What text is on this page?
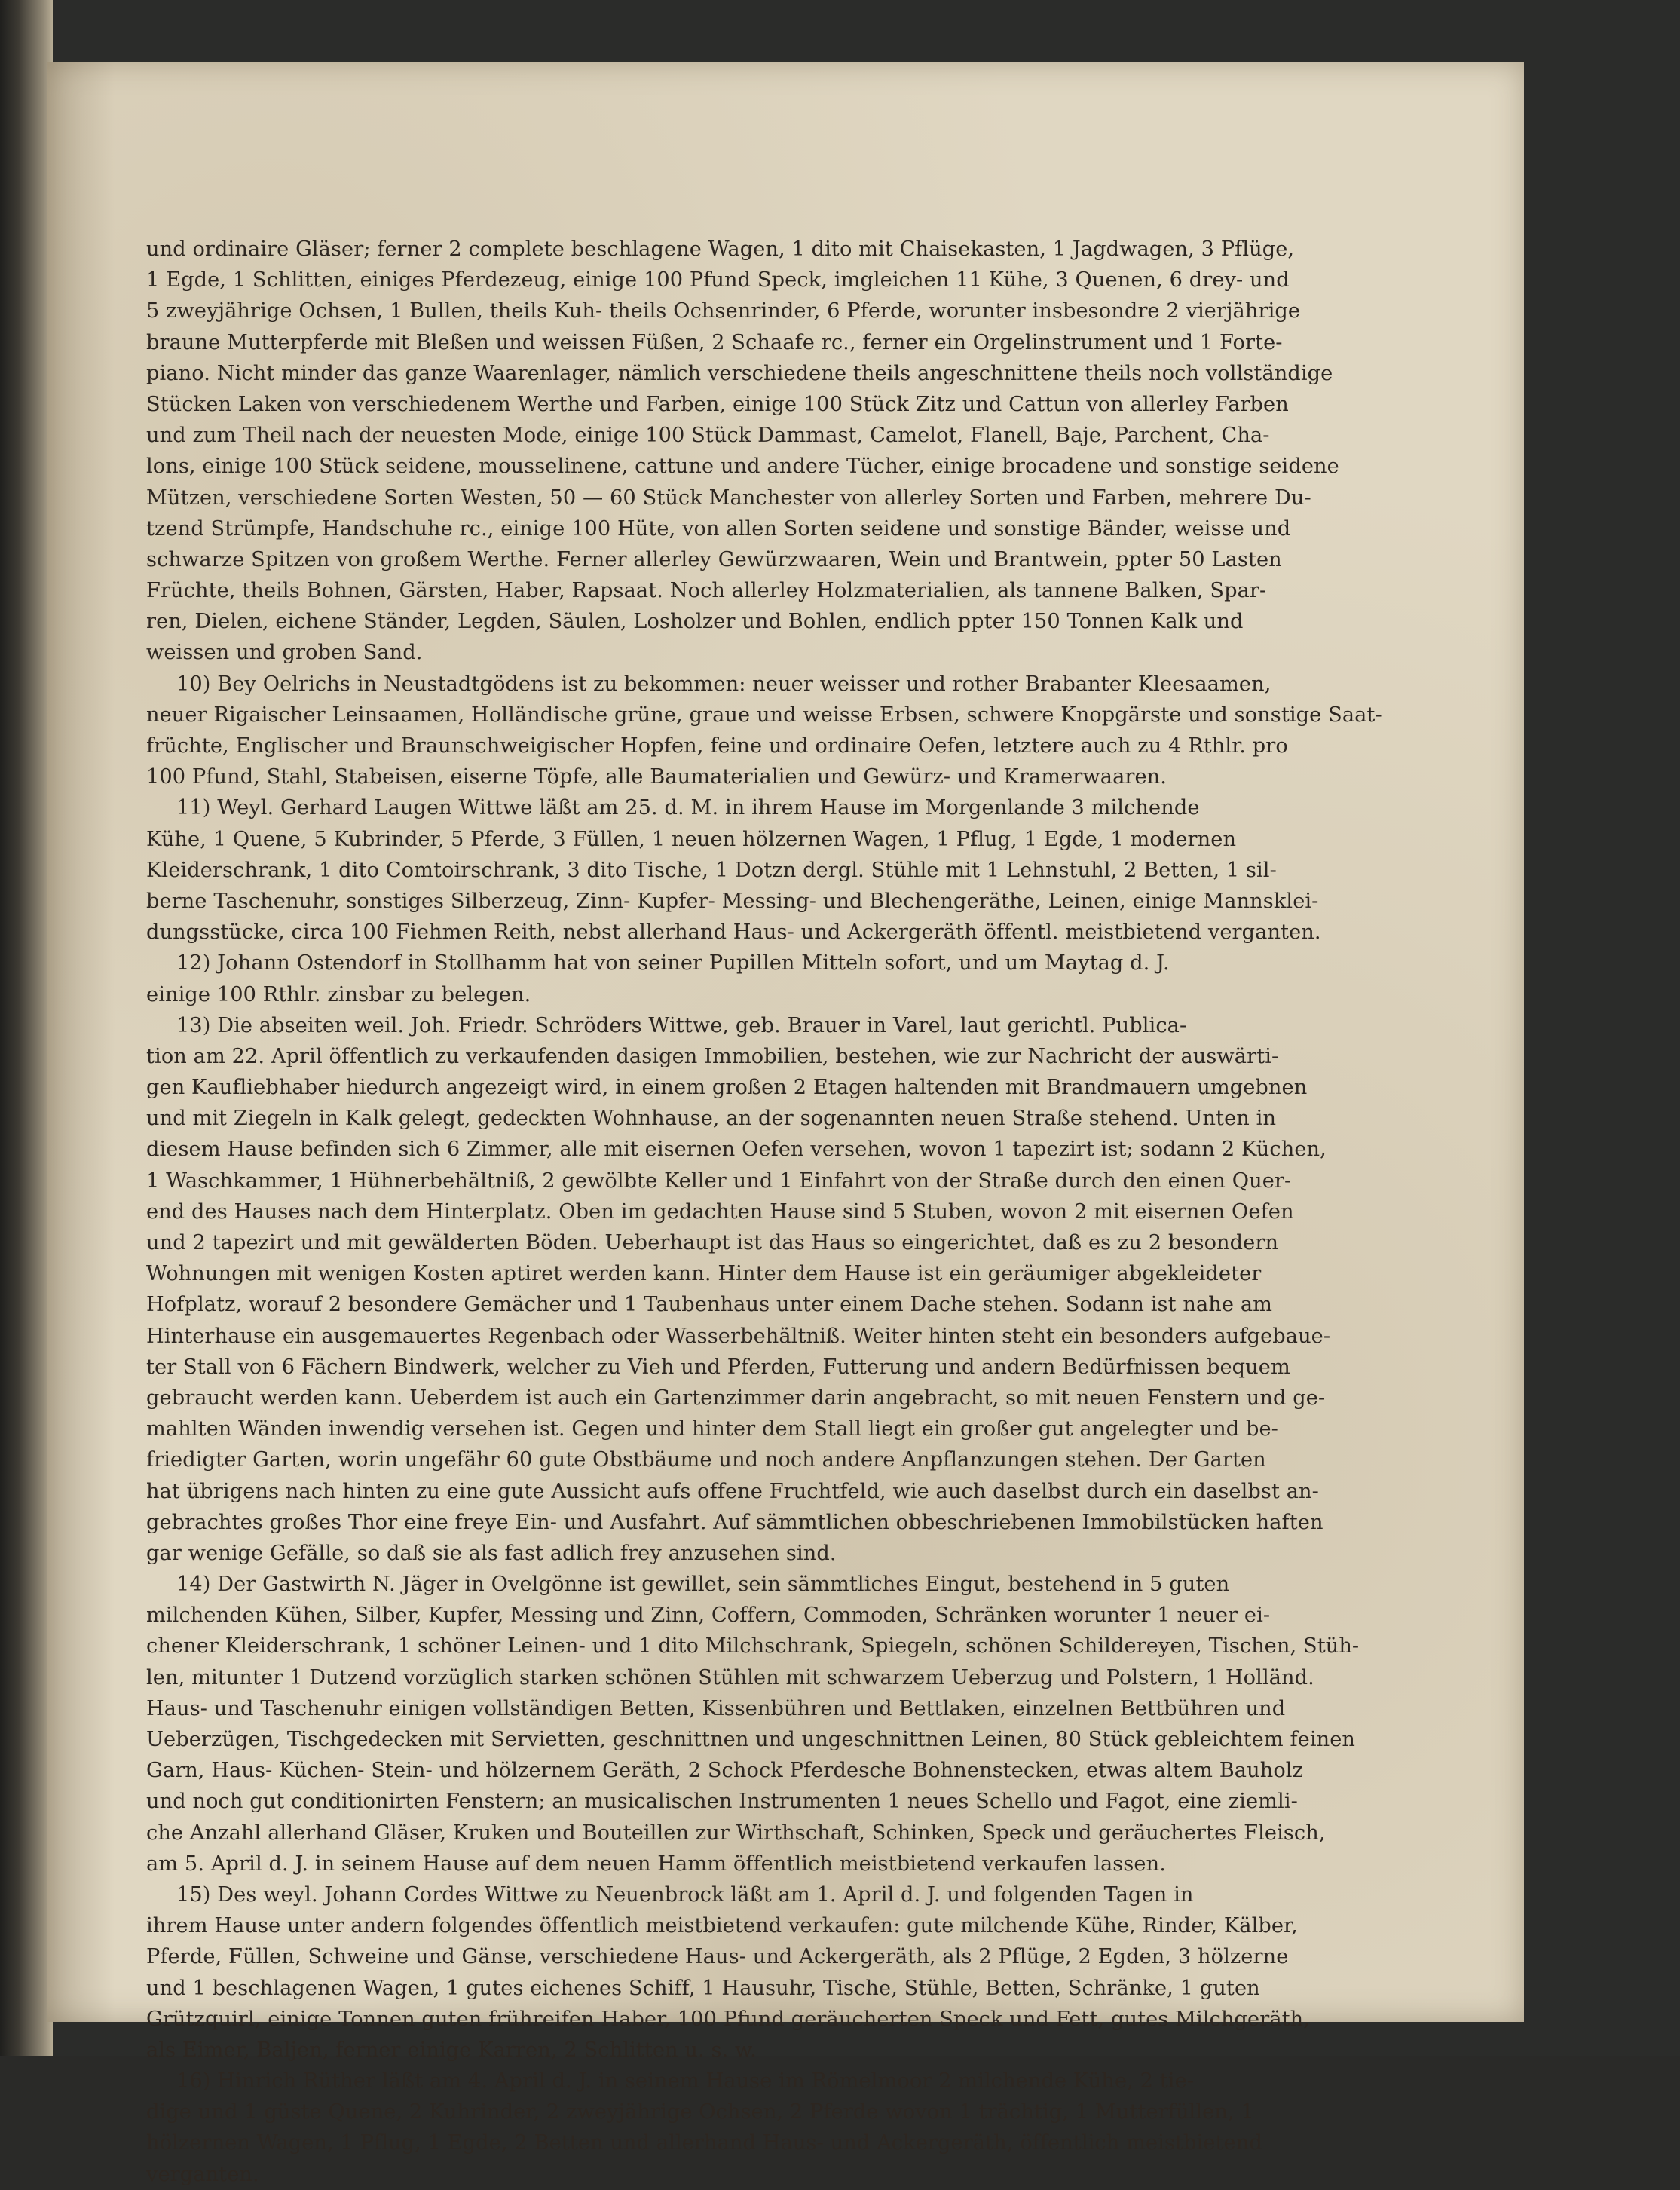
und ordinaire Gläser; ferner 2 complete beschlagene Wagen, 1 dito mit Chaisekasten, 1 Jagdwagen, 3 Pflüge,
1 Egde, 1 Schlitten, einiges Pferdezeug, einige 100 Pfund Speck, imgleichen 11 Kühe, 3 Quenen, 6 drey- und
5 zweyjährige Ochsen, 1 Bullen, theils Kuh- theils Ochsenrinder, 6 Pferde, worunter insbesondre 2 vierjährige
braune Mutterpferde mit Bleßen und weissen Füßen, 2 Schaafe rc., ferner ein Orgelinstrument und 1 Forte-
piano. Nicht minder das ganze Waarenlager, nämlich verschiedene theils angeschnittene theils noch vollständige
Stücken Laken von verschiedenem Werthe und Farben, einige 100 Stück Zitz und Cattun von allerley Farben
und zum Theil nach der neuesten Mode, einige 100 Stück Dammast, Camelot, Flanell, Baje, Parchent, Cha-
lons, einige 100 Stück seidene, mousselinene, cattune und andere Tücher, einige brocadene und sonstige seidene
Mützen, verschiedene Sorten Westen, 50 — 60 Stück Manchester von allerley Sorten und Farben, mehrere Du-
tzend Strümpfe, Handschuhe rc., einige 100 Hüte, von allen Sorten seidene und sonstige Bänder, weisse und
schwarze Spitzen von großem Werthe. Ferner allerley Gewürzwaaren, Wein und Brantwein, ppter 50 Lasten
Früchte, theils Bohnen, Gärsten, Haber, Rapsaat. Noch allerley Holzmaterialien, als tannene Balken, Spar-
ren, Dielen, eichene Ständer, Legden, Säulen, Losholzer und Bohlen, endlich ppter 150 Tonnen Kalk und
weissen und groben Sand.
10) Bey Oelrichs in Neustadtgödens ist zu bekommen: neuer weisser und rother Brabanter Kleesaamen,
neuer Rigaischer Leinsaamen, Holländische grüne, graue und weisse Erbsen, schwere Knopgärste und sonstige Saat-
früchte, Englischer und Braunschweigischer Hopfen, feine und ordinaire Oefen, letztere auch zu 4 Rthlr. pro
100 Pfund, Stahl, Stabeisen, eiserne Töpfe, alle Baumaterialien und Gewürz- und Kramerwaaren.
11) Weyl. Gerhard Laugen Wittwe läßt am 25. d. M. in ihrem Hause im Morgenlande 3 milchende
Kühe, 1 Quene, 5 Kubrinder, 5 Pferde, 3 Füllen, 1 neuen hölzernen Wagen, 1 Pflug, 1 Egde, 1 modernen
Kleiderschrank, 1 dito Comtoirschrank, 3 dito Tische, 1 Dotzn dergl. Stühle mit 1 Lehnstuhl, 2 Betten, 1 sil-
berne Taschenuhr, sonstiges Silberzeug, Zinn- Kupfer- Messing- und Blechengeräthe, Leinen, einige Mannsklei-
dungsstücke, circa 100 Fiehmen Reith, nebst allerhand Haus- und Ackergeräth öffentl. meistbietend verganten.
12) Johann Ostendorf in Stollhamm hat von seiner Pupillen Mitteln sofort, und um Maytag d. J.
einige 100 Rthlr. zinsbar zu belegen.
13) Die abseiten weil. Joh. Friedr. Schröders Wittwe, geb. Brauer in Varel, laut gerichtl. Publica-
tion am 22. April öffentlich zu verkaufenden dasigen Immobilien, bestehen, wie zur Nachricht der auswärti-
gen Kaufliebhaber hiedurch angezeigt wird, in einem großen 2 Etagen haltenden mit Brandmauern umgebnen
und mit Ziegeln in Kalk gelegt, gedeckten Wohnhause, an der sogenannten neuen Straße stehend. Unten in
diesem Hause befinden sich 6 Zimmer, alle mit eisernen Oefen versehen, wovon 1 tapezirt ist; sodann 2 Küchen,
1 Waschkammer, 1 Hühnerbehältniß, 2 gewölbte Keller und 1 Einfahrt von der Straße durch den einen Quer-
end des Hauses nach dem Hinterplatz. Oben im gedachten Hause sind 5 Stuben, wovon 2 mit eisernen Oefen
und 2 tapezirt und mit gewälderten Böden. Ueberhaupt ist das Haus so eingerichtet, daß es zu 2 besondern
Wohnungen mit wenigen Kosten aptiret werden kann. Hinter dem Hause ist ein geräumiger abgekleideter
Hofplatz, worauf 2 besondere Gemächer und 1 Taubenhaus unter einem Dache stehen. Sodann ist nahe am
Hinterhause ein ausgemauertes Regenbach oder Wasserbehältniß. Weiter hinten steht ein besonders aufgebaue-
ter Stall von 6 Fächern Bindwerk, welcher zu Vieh und Pferden, Futterung und andern Bedürfnissen bequem
gebraucht werden kann. Ueberdem ist auch ein Gartenzimmer darin angebracht, so mit neuen Fenstern und ge-
mahlten Wänden inwendig versehen ist. Gegen und hinter dem Stall liegt ein großer gut angelegter und be-
friedigter Garten, worin ungefähr 60 gute Obstbäume und noch andere Anpflanzungen stehen. Der Garten
hat übrigens nach hinten zu eine gute Aussicht aufs offene Fruchtfeld, wie auch daselbst durch ein daselbst an-
gebrachtes großes Thor eine freye Ein- und Ausfahrt. Auf sämmtlichen obbeschriebenen Immobilstücken haften
gar wenige Gefälle, so daß sie als fast adlich frey anzusehen sind.
14) Der Gastwirth N. Jäger in Ovelgönne ist gewillet, sein sämmtliches Eingut, bestehend in 5 guten
milchenden Kühen, Silber, Kupfer, Messing und Zinn, Coffern, Commoden, Schränken worunter 1 neuer ei-
chener Kleiderschrank, 1 schöner Leinen- und 1 dito Milchschrank, Spiegeln, schönen Schildereyen, Tischen, Stüh-
len, mitunter 1 Dutzend vorzüglich starken schönen Stühlen mit schwarzem Ueberzug und Polstern, 1 Holländ.
Haus- und Taschenuhr einigen vollständigen Betten, Kissenbühren und Bettlaken, einzelnen Bettbühren und
Ueberzügen, Tischgedecken mit Servietten, geschnittnen und ungeschnittnen Leinen, 80 Stück gebleichtem feinen
Garn, Haus- Küchen- Stein- und hölzernem Geräth, 2 Schock Pferdesche Bohnenstecken, etwas altem Bauholz
und noch gut conditionirten Fenstern; an musicalischen Instrumenten 1 neues Schello und Fagot, eine ziemli-
che Anzahl allerhand Gläser, Kruken und Bouteillen zur Wirthschaft, Schinken, Speck und geräuchertes Fleisch,
am 5. April d. J. in seinem Hause auf dem neuen Hamm öffentlich meistbietend verkaufen lassen.
15) Des weyl. Johann Cordes Wittwe zu Neuenbrock läßt am 1. April d. J. und folgenden Tagen in
ihrem Hause unter andern folgendes öffentlich meistbietend verkaufen: gute milchende Kühe, Rinder, Kälber,
Pferde, Füllen, Schweine und Gänse, verschiedene Haus- und Ackergeräth, als 2 Pflüge, 2 Egden, 3 hölzerne
und 1 beschlagenen Wagen, 1 gutes eichenes Schiff, 1 Hausuhr, Tische, Stühle, Betten, Schränke, 1 guten
Grützquirl, einige Tonnen guten frühreifen Haber, 100 Pfund geräucherten Speck und Fett, gutes Milchgeräth,
als Eimer, Baljen, ferner einige Karren, 2 Schlitten u. s. w.
16) Hinrich Rüther läßt am 4. April d. J. in seinem Hause im Römelmoor 2 milchende Kühe, 2 tie-
dige und 1 güste Quene, 2 Kuhrinder, 2 zweyjährige Ochsen, 2 Pferde wovon 1 trächtig, 1 Mutterfüllen, 1
hölzernen Wagen, 1 Pflug, 1 Egde, 2 Betten und allerhand Haus- und Ackergeräth, öffentlich meistbietend
verganten.
